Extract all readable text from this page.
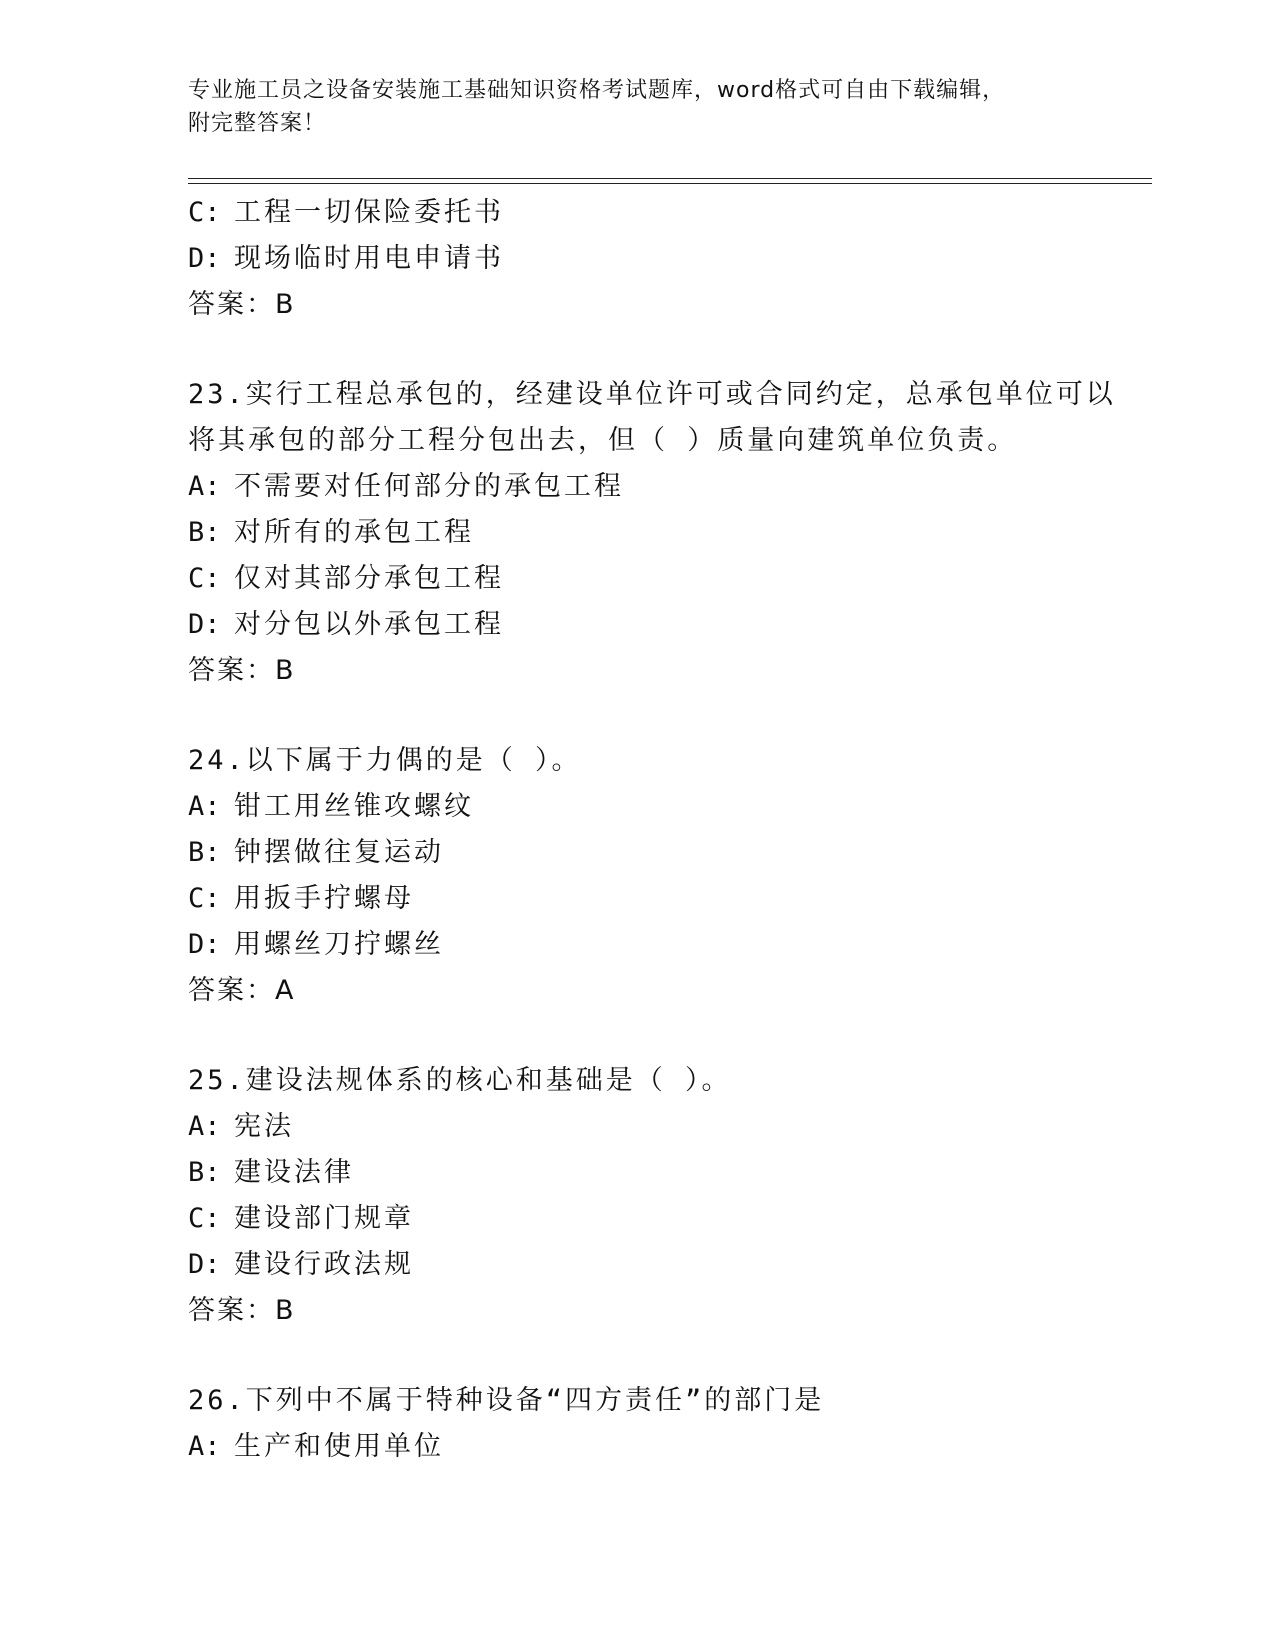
专业施工员之设备安装施工基础知识资格考试题库，word格式可自由下载编辑，
附完整答案！
C: 工程一切保险委托书
D: 现场临时用电申请书
答案：B
23.实行工程总承包的，经建设单位许可或合同约定，总承包单位可以
将其承包的部分工程分包出去，但（ ）质量向建筑单位负责。
A: 不需要对任何部分的承包工程
B: 对所有的承包工程
C: 仅对其部分承包工程
D: 对分包以外承包工程
答案：B
24.以下属于力偶的是（ ）。
A: 钳工用丝锥攻螺纹
B: 钟摆做往复运动
C: 用扳手拧螺母
D: 用螺丝刀拧螺丝
答案：A
25.建设法规体系的核心和基础是（ ）。
A: 宪法
B: 建设法律
C: 建设部门规章
D: 建设行政法规
答案：B
26.下列中不属于特种设备“四方责任”的部门是
A: 生产和使用单位
